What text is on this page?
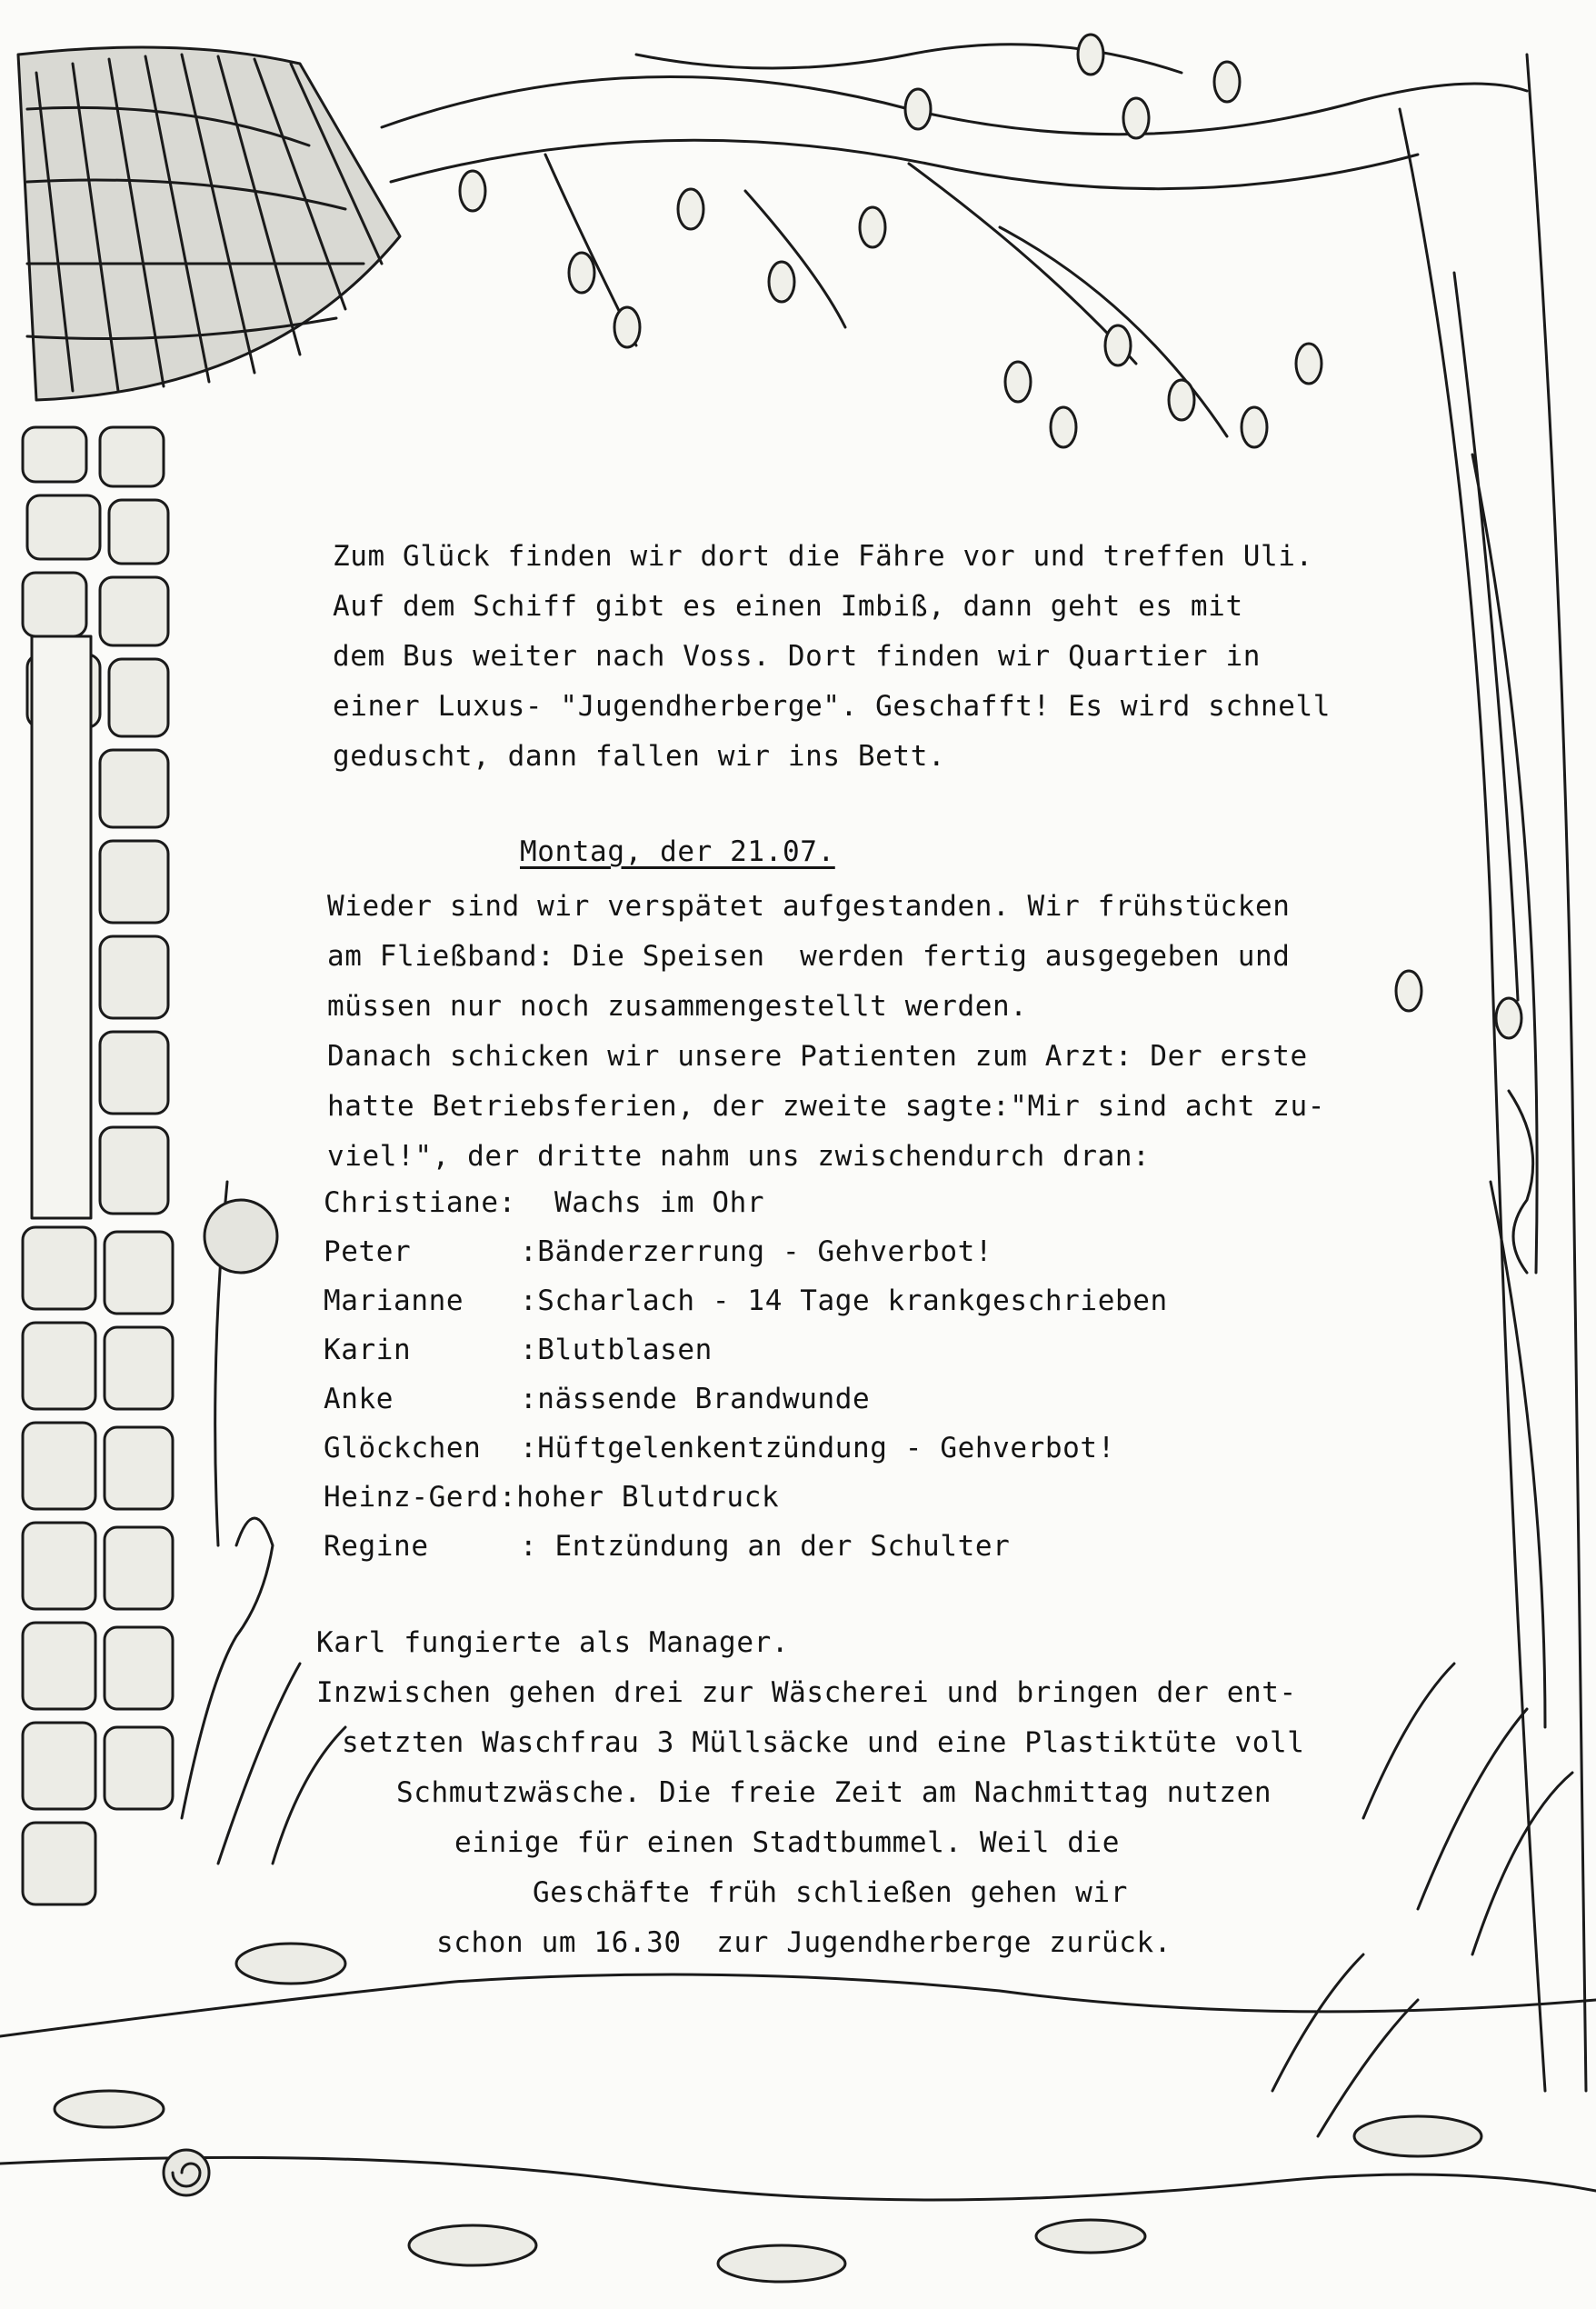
Zum Glück finden wir dort die Fähre vor und treffen Uli.
Auf dem Schiff gibt es einen Imbiß, dann geht es mit
dem Bus weiter nach Voss. Dort finden wir Quartier in
einer Luxus- "Jugendherberge". Geschafft! Es wird schnell
geduscht, dann fallen wir ins Bett.
Montag, der 21.07.
Wieder sind wir verspätet aufgestanden. Wir frühstücken
am Fließband: Die Speisen  werden fertig ausgegeben und
müssen nur noch zusammengestellt werden.
Danach schicken wir unsere Patienten zum Arzt: Der erste
hatte Betriebsferien, der zweite sagte:"Mir sind acht zu-
viel!", der dritte nahm uns zwischendurch dran:
Christiane: Wachs im Ohr
Peter	:Bänderzerrung - Gehverbot!
Marianne :Scharlach - 14 Tage krankgeschrieben
Karin	:Blutblasen
Anke	:nässende Brandwunde
Glöckchen :Hüftgelenkentzündung - Gehverbot!
Heinz-Gerd :hoher Blutdruck
Regine	: Entzündung an der Schulter
Karl fungierte als Manager.
Inzwischen gehen drei zur Wäscherei und bringen der ent-
setzten Waschfrau 3 Müllsäcke und eine Plastiktüte voll
Schmutzwäsche. Die freie Zeit am Nachmittag nutzen
einige für einen Stadtbummel. Weil die
Geschäfte früh schließen gehen wir
schon um 16.30  zur Jugendherberge zurück.
